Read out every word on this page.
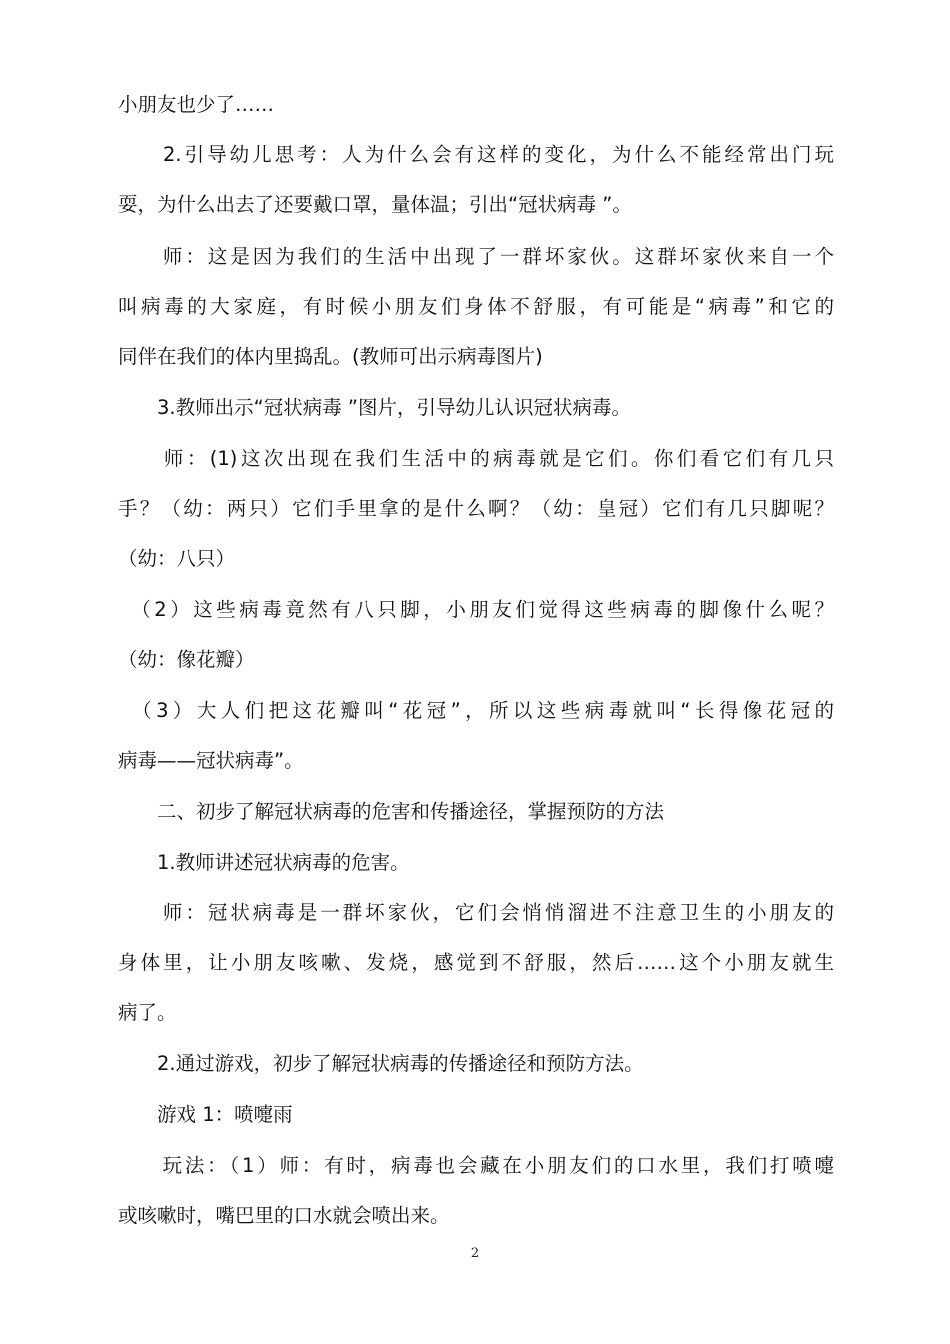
小朋友也少了……
　　2.引导幼儿思考：人为什么会有这样的变化，为什么不能经常出门玩
耍，为什么出去了还要戴口罩，量体温；引出“冠状病毒 ”。
　　师：这是因为我们的生活中出现了一群坏家伙。这群坏家伙来自一个
叫病毒的大家庭，有时候小朋友们身体不舒服，有可能是“病毒”和它的
同伴在我们的体内里捣乱。(教师可出示病毒图片)
　　3.教师出示“冠状病毒 ”图片，引导幼儿认识冠状病毒。
　　师：(1)这次出现在我们生活中的病毒就是它们。你们看它们有几只
手？（幼：两只）它们手里拿的是什么啊？（幼：皇冠）它们有几只脚呢？
（幼：八只）
　（2）这些病毒竟然有八只脚，小朋友们觉得这些病毒的脚像什么呢？
（幼：像花瓣）
　（3）大人们把这花瓣叫“花冠”，所以这些病毒就叫“长得像花冠的
病毒——冠状病毒”。
　　二、初步了解冠状病毒的危害和传播途径，掌握预防的方法
　　1.教师讲述冠状病毒的危害。
　　师：冠状病毒是一群坏家伙，它们会悄悄溜进不注意卫生的小朋友的
身体里，让小朋友咳嗽、发烧，感觉到不舒服，然后……这个小朋友就生
病了。
　　2.通过游戏，初步了解冠状病毒的传播途径和预防方法。
　　游戏 1：喷嚏雨
　　玩法：（1）师：有时，病毒也会藏在小朋友们的口水里，我们打喷嚏
或咳嗽时，嘴巴里的口水就会喷出来。
2
